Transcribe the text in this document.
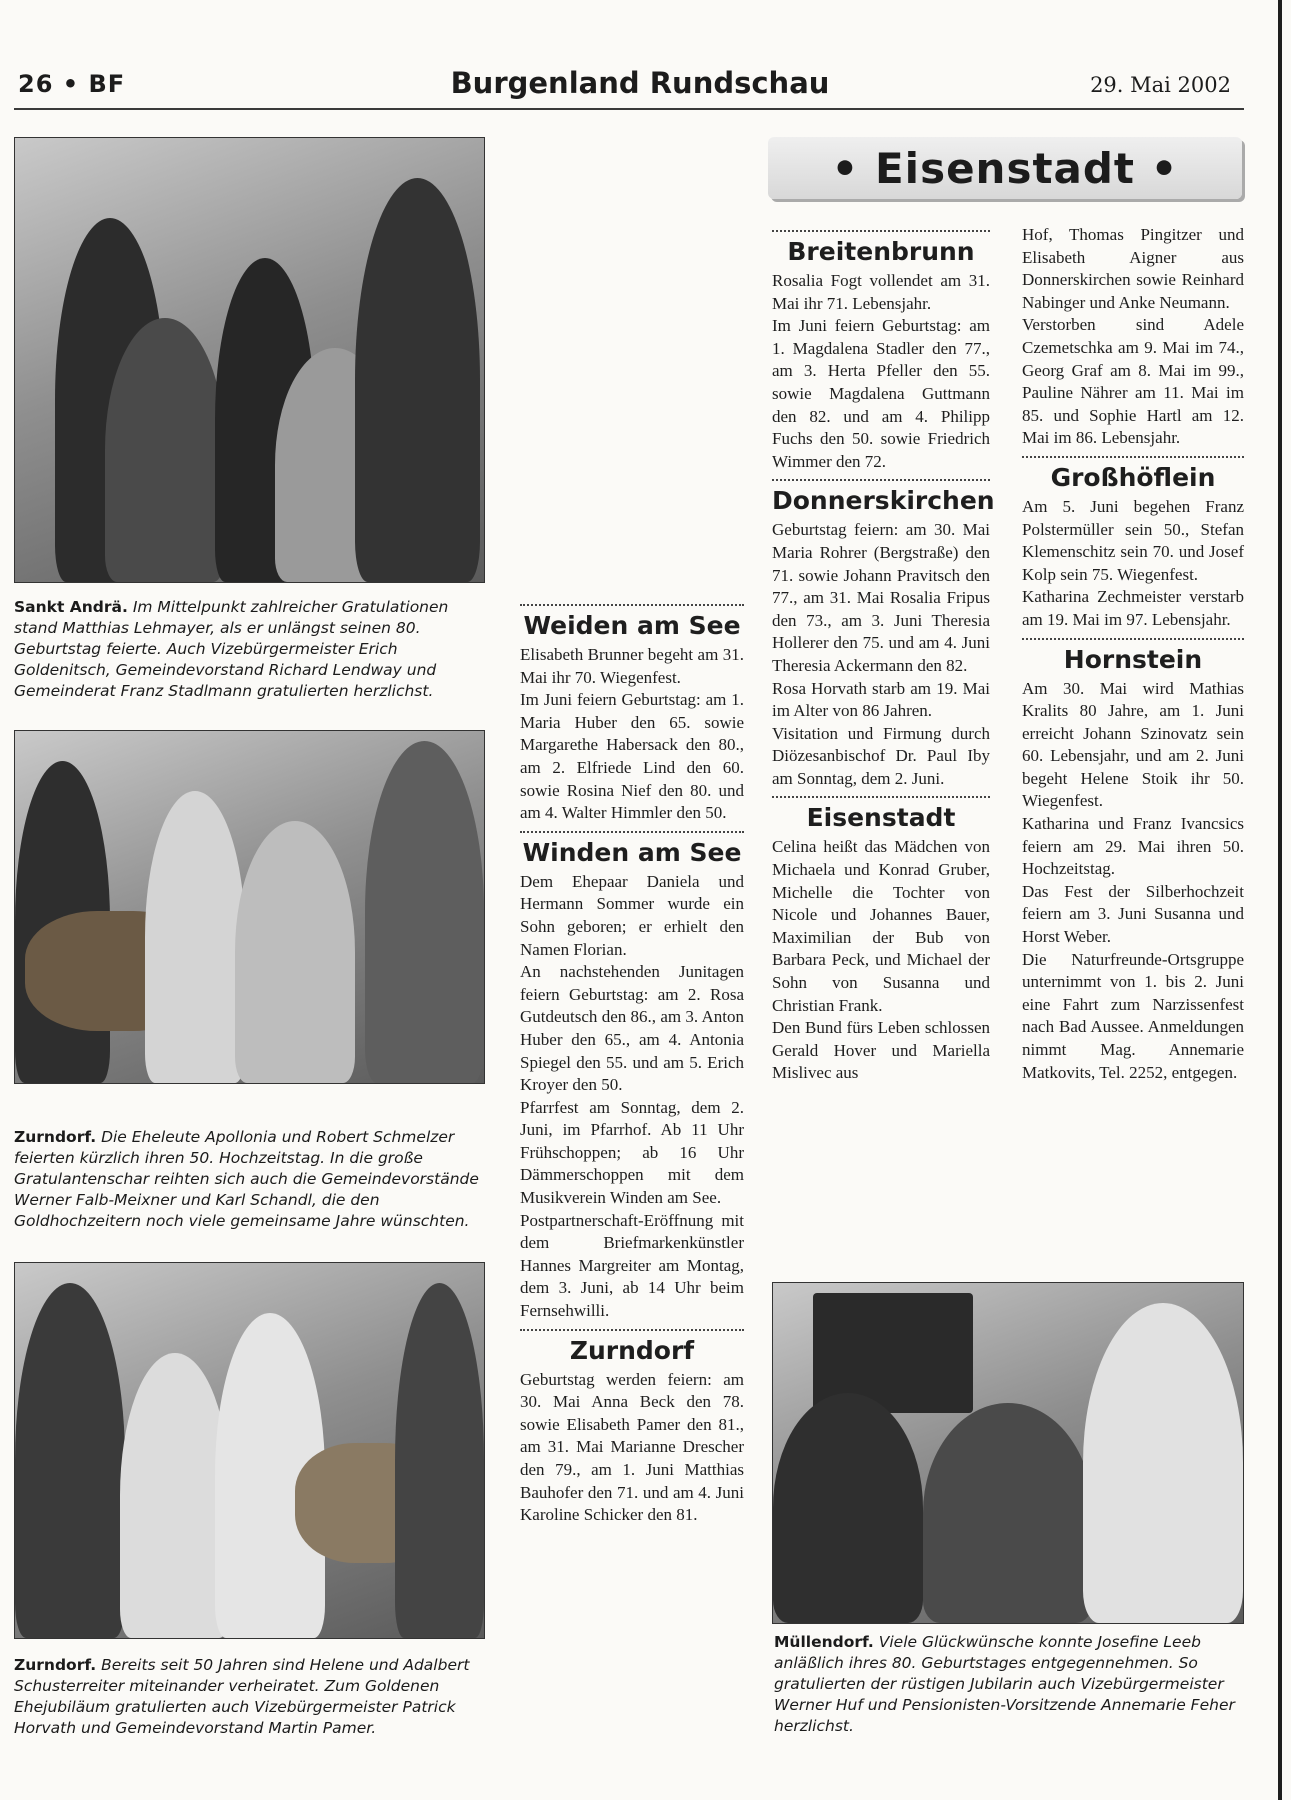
26 • BF	Burgenland Rundschau	29. Mai 2002
Sankt Andrä. Im Mittelpunkt zahlreicher Gratulationen stand Matthias Lehmayer, als er unlängst seinen 80. Geburtstag feierte. Auch Vizebürgermeister Erich Goldenitsch, Gemeindevorstand Richard Lendway und Gemeinderat Franz Stadlmann gratulierten herzlichst.
Zurndorf. Die Eheleute Apollonia und Robert Schmelzer feierten kürzlich ihren 50. Hochzeitstag. In die große Gratulantenschar reihten sich auch die Gemeindevorstände Werner Falb-Meixner und Karl Schandl, die den Goldhochzeitern noch viele gemeinsame Jahre wünschten.
Zurndorf. Bereits seit 50 Jahren sind Helene und Adalbert Schusterreiter miteinander verheiratet. Zum Goldenen Ehejubiläum gratulierten auch Vizebürgermeister Patrick Horvath und Gemeindevorstand Martin Pamer.
Weiden am See

Elisabeth Brunner begeht am 31. Mai ihr 70. Wiegenfest.

Im Juni feiern Geburtstag: am 1. Maria Huber den 65. sowie Margarethe Habersack den 80., am 2. Elfriede Lind den 60. sowie Rosina Nief den 80. und am 4. Walter Himmler den 50.

Winden am See

Dem Ehepaar Daniela und Hermann Sommer wurde ein Sohn geboren; er erhielt den Namen Florian.

An nachstehenden Junitagen feiern Geburtstag: am 2. Rosa Gutdeutsch den 86., am 3. Anton Huber den 65., am 4. Antonia Spiegel den 55. und am 5. Erich Kroyer den 50.

Pfarrfest am Sonntag, dem 2. Juni, im Pfarrhof. Ab 11 Uhr Frühschoppen; ab 16 Uhr Dämmerschoppen mit dem Musikverein Winden am See.

Postpartnerschaft-Eröffnung mit dem Briefmarkenkünstler Hannes Margreiter am Montag, dem 3. Juni, ab 14 Uhr beim Fernsehwilli.

Zurndorf

Geburtstag werden feiern: am 30. Mai Anna Beck den 78. sowie Elisabeth Pamer den 81., am 31. Mai Marianne Drescher den 79., am 1. Juni Matthias Bauhofer den 71. und am 4. Juni Karoline Schicker den 81.

• Eisenstadt •
Breitenbrunn

Rosalia Fogt vollendet am 31. Mai ihr 71. Lebensjahr.

Im Juni feiern Geburtstag: am 1. Magdalena Stadler den 77., am 3. Herta Pfeller den 55. sowie Magdalena Guttmann den 82. und am 4. Philipp Fuchs den 50. sowie Friedrich Wimmer den 72.

Donnerskirchen

Geburtstag feiern: am 30. Mai Maria Rohrer (Bergstraße) den 71. sowie Johann Pravitsch den 77., am 31. Mai Rosalia Fripus den 73., am 3. Juni Theresia Hollerer den 75. und am 4. Juni Theresia Ackermann den 82.

Rosa Horvath starb am 19. Mai im Alter von 86 Jahren.

Visitation und Firmung durch Diözesanbischof Dr. Paul Iby am Sonntag, dem 2. Juni.

Eisenstadt

Celina heißt das Mädchen von Michaela und Konrad Gruber, Michelle die Tochter von Nicole und Johannes Bauer, Maximilian der Bub von Barbara Peck, und Michael der Sohn von Susanna und Christian Frank.

Den Bund fürs Leben schlossen Gerald Hover und Mariella Mislivec aus

Hof, Thomas Pingitzer und Elisabeth Aigner aus Donnerskirchen sowie Reinhard Nabinger und Anke Neumann.

Verstorben sind Adele Czemetschka am 9. Mai im 74., Georg Graf am 8. Mai im 99., Pauline Nährer am 11. Mai im 85. und Sophie Hartl am 12. Mai im 86. Lebensjahr.

Großhöflein

Am 5. Juni begehen Franz Polstermüller sein 50., Stefan Klemenschitz sein 70. und Josef Kolp sein 75. Wiegenfest.

Katharina Zechmeister verstarb am 19. Mai im 97. Lebensjahr.

Hornstein

Am 30. Mai wird Mathias Kralits 80 Jahre, am 1. Juni erreicht Johann Szinovatz sein 60. Lebensjahr, und am 2. Juni begeht Helene Stoik ihr 50. Wiegenfest.

Katharina und Franz Ivancsics feiern am 29. Mai ihren 50. Hochzeitstag.

Das Fest der Silberhochzeit feiern am 3. Juni Susanna und Horst Weber.

Die Naturfreunde-Ortsgruppe unternimmt von 1. bis 2. Juni eine Fahrt zum Narzissenfest nach Bad Aussee. Anmeldungen nimmt Mag. Annemarie Matkovits, Tel. 2252, entgegen.

Müllendorf. Viele Glückwünsche konnte Josefine Leeb anläßlich ihres 80. Geburtstages entgegennehmen. So gratulierten der rüstigen Jubilarin auch Vizebürgermeister Werner Huf und Pensionisten-Vorsitzende Annemarie Feher herzlichst.
